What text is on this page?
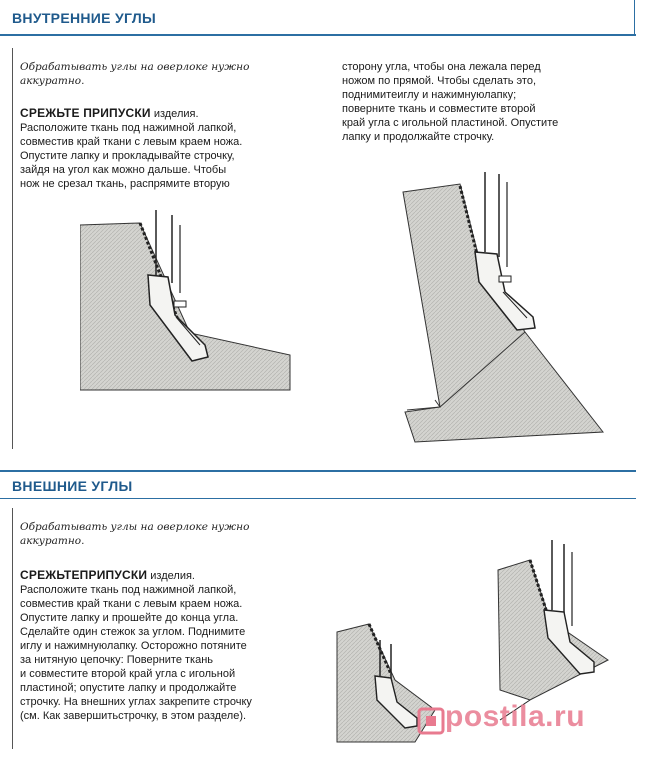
ВНУТРЕННИЕ УГЛЫ
Обрабатывать углы на оверлоке нужно аккуратно.
СРЕЖЬТЕ ПРИПУСКИ изделия.
Расположите ткань под нажимной лапкой,
совместив край ткани с левым краем ножа.
Опустите лапку и прокладывайте строчку,
зайдя на угол как можно дальше. Чтобы
нож не срезал ткань, распрямите вторую
сторону угла, чтобы она лежала перед
ножом по прямой. Чтобы сделать это,
поднимитеиглу и нажимнуюлапку;
поверните ткань и совместите второй
край угла с игольной пластиной. Опустите
лапку и продолжайте строчку.
ВНЕШНИЕ УГЛЫ
Обрабатывать углы на оверлоке нужно аккуратно.
СРЕЖЬТЕПРИПУСКИ изделия.
Расположите ткань под нажимной лапкой,
совместив край ткани с левым краем ножа.
Опустите лапку и прошейте до конца угла.
Сделайте один стежок за углом. Поднимите
иглу и нажимнуюлапку. Осторожно потяните
за нитяную цепочку: Поверните ткань
и совместите второй край угла с игольной
пластиной; опустите лапку и продолжайте
строчку. На внешних углах закрепите строчку
(см. Как завершитьстрочку, в этом разделе).	postila.ru
